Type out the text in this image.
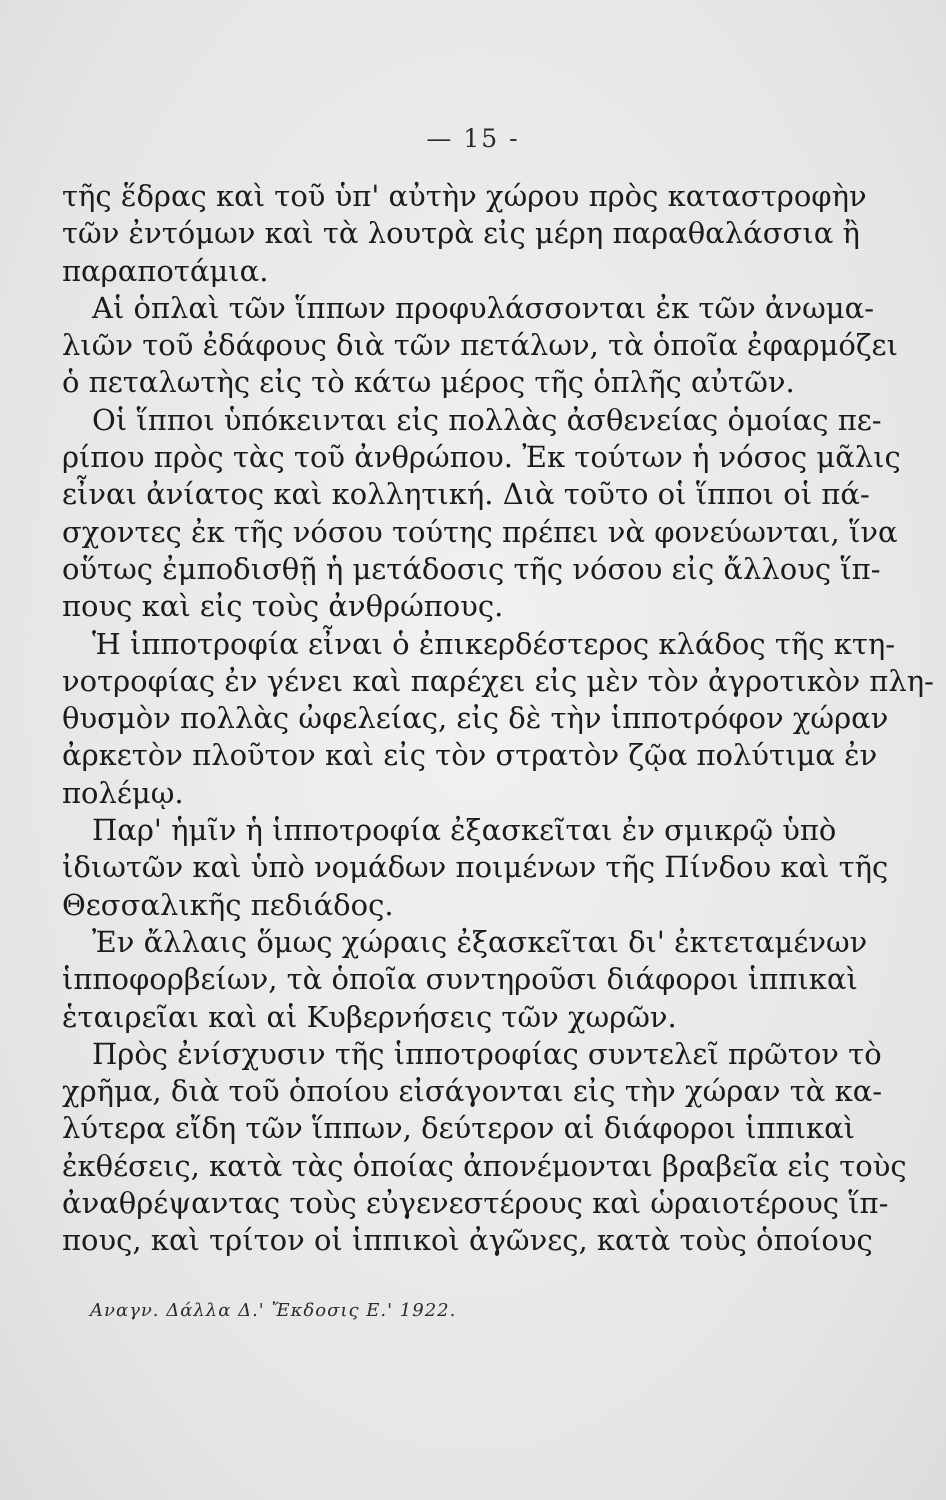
— 15 -
τῆς ἕδρας καὶ τοῦ ὑπ' αὐτὴν χώρου πρὸς καταστροφὴν
τῶν ἐντόμων καὶ τὰ λουτρὰ εἰς μέρη παραθαλάσσια ἢ
παραποτάμια.
Αἱ ὁπλαὶ τῶν ἵππων προφυλάσσονται ἐκ τῶν ἀνωμα-
λιῶν τοῦ ἐδάφους διὰ τῶν πετάλων, τὰ ὁποῖα ἐφαρμόζει
ὁ πεταλωτὴς εἰς τὸ κάτω μέρος τῆς ὁπλῆς αὐτῶν.
Οἱ ἵπποι ὑπόκεινται εἰς πολλὰς ἀσθενείας ὁμοίας πε-
ρίπου πρὸς τὰς τοῦ ἀνθρώπου. Ἐκ τούτων ἡ νόσος μᾶλις
εἶναι ἀνίατος καὶ κολλητική. Διὰ τοῦτο οἱ ἵπποι οἱ πά-
σχοντες ἐκ τῆς νόσου τούτης πρέπει νὰ φονεύωνται, ἵνα
οὕτως ἐμποδισθῇ ἡ μετάδοσις τῆς νόσου εἰς ἄλλους ἵπ-
πους καὶ εἰς τοὺς ἀνθρώπους.
Ἡ ἱπποτροφία εἶναι ὁ ἐπικερδέστερος κλάδος τῆς κτη-
νοτροφίας ἐν γένει καὶ παρέχει εἰς μὲν τὸν ἀγροτικὸν πλη-
θυσμὸν πολλὰς ὠφελείας, εἰς δὲ τὴν ἱπποτρόφον χώραν
ἀρκετὸν πλοῦτον καὶ εἰς τὸν στρατὸν ζῷα πολύτιμα ἐν
πολέμῳ.
Παρ' ἡμῖν ἡ ἱπποτροφία ἐξασκεῖται ἐν σμικρῷ ὑπὸ
ἰδιωτῶν καὶ ὑπὸ νομάδων ποιμένων τῆς Πίνδου καὶ τῆς
Θεσσαλικῆς πεδιάδος.
Ἐν ἄλλαις ὅμως χώραις ἐξασκεῖται δι' ἐκτεταμένων
ἱπποφορβείων, τὰ ὁποῖα συντηροῦσι διάφοροι ἱππικαὶ
ἑταιρεῖαι καὶ αἱ Κυβερνήσεις τῶν χωρῶν.
Πρὸς ἐνίσχυσιν τῆς ἱπποτροφίας συντελεῖ πρῶτον τὸ
χρῆμα, διὰ τοῦ ὁποίου εἰσάγονται εἰς τὴν χώραν τὰ κα-
λύτερα εἴδη τῶν ἵππων, δεύτερον αἱ διάφοροι ἱππικαὶ
ἐκθέσεις, κατὰ τὰς ὁποίας ἀπονέμονται βραβεῖα εἰς τοὺς
ἀναθρέψαντας τοὺς εὐγενεστέρους καὶ ὡραιοτέρους ἵπ-
πους, καὶ τρίτον οἱ ἱππικοὶ ἀγῶνες, κατὰ τοὺς ὁποίους
Αναγν. Δάλλα Δ.' Ἔκδοσις Ε.' 1922.
